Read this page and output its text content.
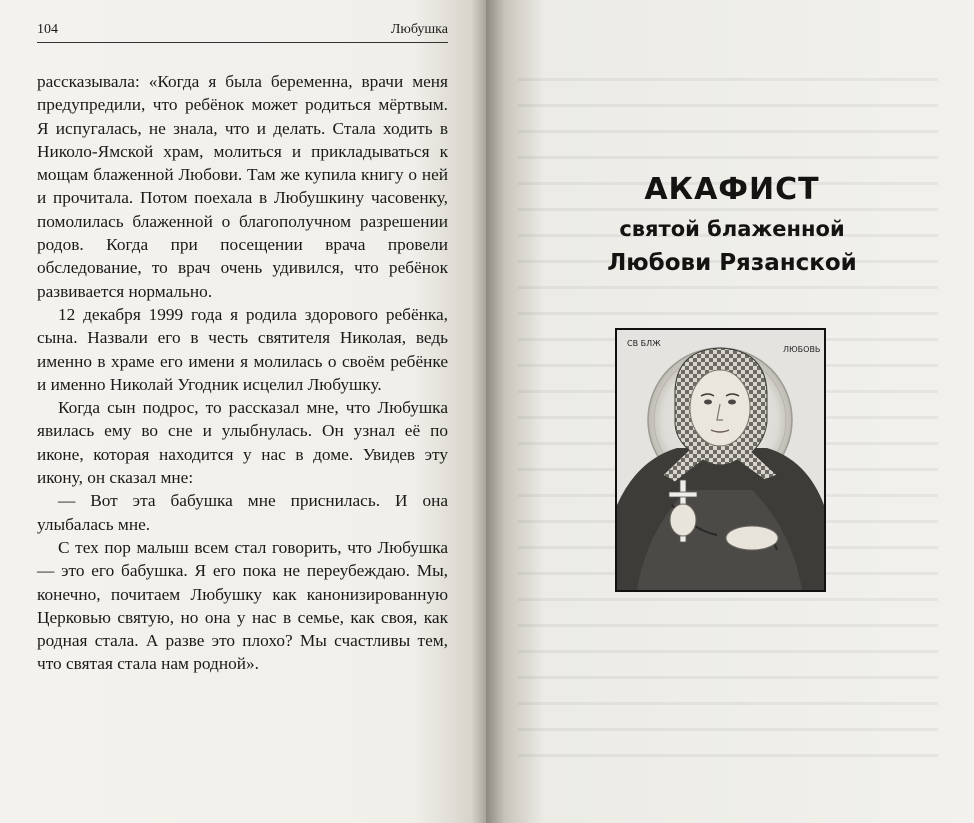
104	Любушка

рассказывала: «Когда я была беременна, врачи меня предупредили, что ребёнок может родиться мёртвым. Я испугалась, не знала, что и делать. Стала ходить в Николо-Ямской храм, молиться и прикладываться к мощам блаженной Любови. Там же купила книгу о ней и прочитала. Потом поехала в Любушкину часовенку, помолилась блаженной о благополучном разрешении родов. Когда при посещении врача провели обследование, то врач очень удивился, что ребёнок развивается нормально.

12 декабря 1999 года я родила здорового ребёнка, сына. Назвали его в честь святителя Николая, ведь именно в храме его имени я молилась о своём ребёнке и именно Николай Угодник исцелил Любушку.

Когда сын подрос, то рассказал мне, что Любушка явилась ему во сне и улыбнулась. Он узнал её по иконе, которая находится у нас в доме. Увидев эту икону, он сказал мне:

— Вот эта бабушка мне приснилась. И она улыбалась мне.

С тех пор малыш всем стал говорить, что Любушка — это его бабушка. Я его пока не переубеждаю. Мы, конечно, почитаем Любушку как канонизированную Церковью святую, но она у нас в семье, как своя, как родная стала. А разве это плохо? Мы счастливы тем, что святая стала нам родной».

АКАФИСТ
святой блаженной
Любови Рязанской
СВ БЛЖ
ЛЮБОВЬ
